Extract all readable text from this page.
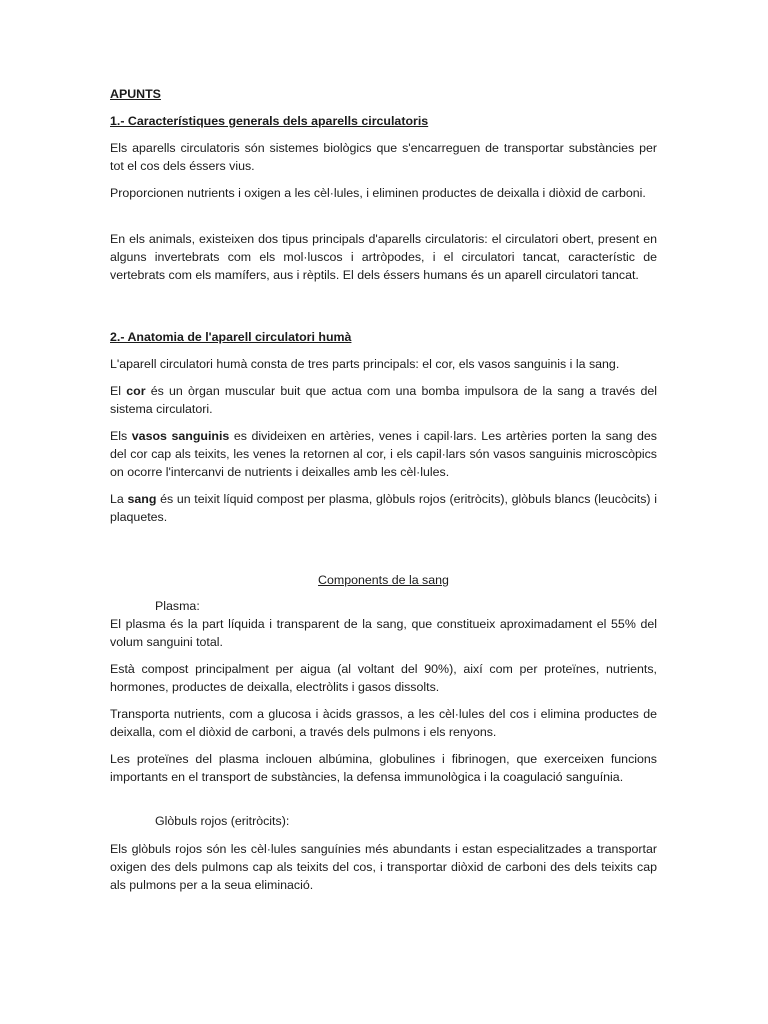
APUNTS

1.- Característiques generals dels aparells circulatoris

Els aparells circulatoris són sistemes biològics que s'encarreguen de transportar substàncies per tot el cos dels éssers vius.

Proporcionen nutrients i oxigen a les cèl·lules, i eliminen productes de deixalla i diòxid de carboni.

En els animals, existeixen dos tipus principals d'aparells circulatoris: el circulatori obert, present en alguns invertebrats com els mol·luscos i artròpodes, i el circulatori tancat, característic de vertebrats com els mamífers, aus i rèptils. El dels éssers humans és un aparell circulatori tancat.

2.- Anatomia de l'aparell circulatori humà

L'aparell circulatori humà consta de tres parts principals: el cor, els vasos sanguinis i la sang.

El cor és un òrgan muscular buit que actua com una bomba impulsora de la sang a través del sistema circulatori.

Els vasos sanguinis es divideixen en artèries, venes i capil·lars. Les artèries porten la sang des del cor cap als teixits, les venes la retornen al cor, i els capil·lars són vasos sanguinis microscòpics on ocorre l'intercanvi de nutrients i deixalles amb les cèl·lules.

La sang és un teixit líquid compost per plasma, glòbuls rojos (eritròcits), glòbuls blancs (leucòcits) i plaquetes.

Components de la sang

Plasma:

El plasma és la part líquida i transparent de la sang, que constitueix aproximadament el 55% del volum sanguini total.

Està compost principalment per aigua (al voltant del 90%), així com per proteïnes, nutrients, hormones, productes de deixalla, electròlits i gasos dissolts.

Transporta nutrients, com a glucosa i àcids grassos, a les cèl·lules del cos i elimina productes de deixalla, com el diòxid de carboni, a través dels pulmons i els renyons.

Les proteïnes del plasma inclouen albúmina, globulines i fibrinogen, que exerceixen funcions importants en el transport de substàncies, la defensa immunològica i la coagulació sanguínia.

Glòbuls rojos (eritròcits):

Els glòbuls rojos són les cèl·lules sanguínies més abundants i estan especialitzades a transportar oxigen des dels pulmons cap als teixits del cos, i transportar diòxid de carboni des dels teixits cap als pulmons per a la seua eliminació.
